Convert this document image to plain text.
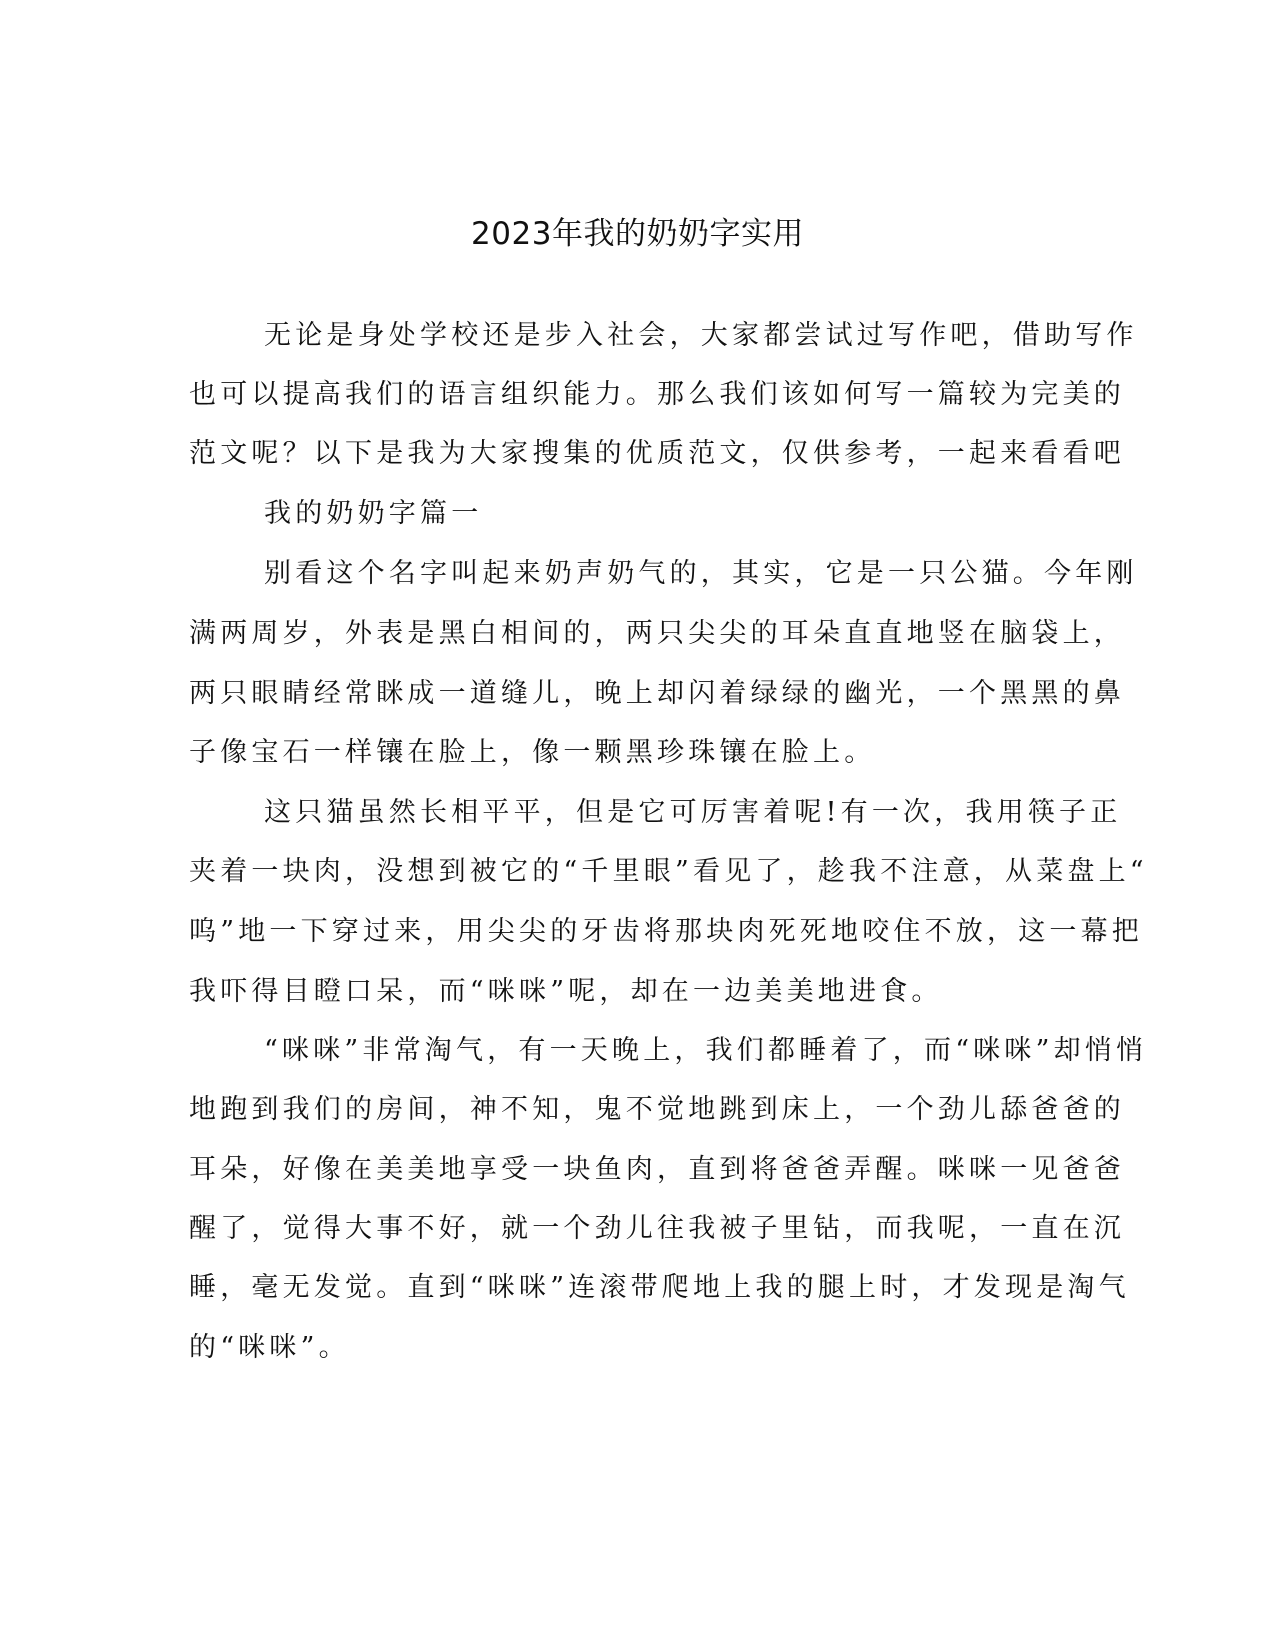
2023年我的奶奶字实用

无论是身处学校还是步入社会，大家都尝试过写作吧，借助写作

也可以提高我们的语言组织能力。那么我们该如何写一篇较为完美的

范文呢？以下是我为大家搜集的优质范文，仅供参考，一起来看看吧

我的奶奶字篇一

别看这个名字叫起来奶声奶气的，其实，它是一只公猫。今年刚

满两周岁，外表是黑白相间的，两只尖尖的耳朵直直地竖在脑袋上，

两只眼睛经常眯成一道缝儿，晚上却闪着绿绿的幽光，一个黑黑的鼻

子像宝石一样镶在脸上，像一颗黑珍珠镶在脸上。

这只猫虽然长相平平，但是它可厉害着呢!有一次，我用筷子正

夹着一块肉，没想到被它的“千里眼”看见了，趁我不注意，从菜盘上“

呜”地一下穿过来，用尖尖的牙齿将那块肉死死地咬住不放，这一幕把

我吓得目瞪口呆，而“咪咪”呢，却在一边美美地进食。

“咪咪”非常淘气，有一天晚上，我们都睡着了，而“咪咪”却悄悄

地跑到我们的房间，神不知，鬼不觉地跳到床上，一个劲儿舔爸爸的

耳朵，好像在美美地享受一块鱼肉，直到将爸爸弄醒。咪咪一见爸爸

醒了，觉得大事不好，就一个劲儿往我被子里钻，而我呢，一直在沉

睡，毫无发觉。直到“咪咪”连滚带爬地上我的腿上时，才发现是淘气

的“咪咪”。
